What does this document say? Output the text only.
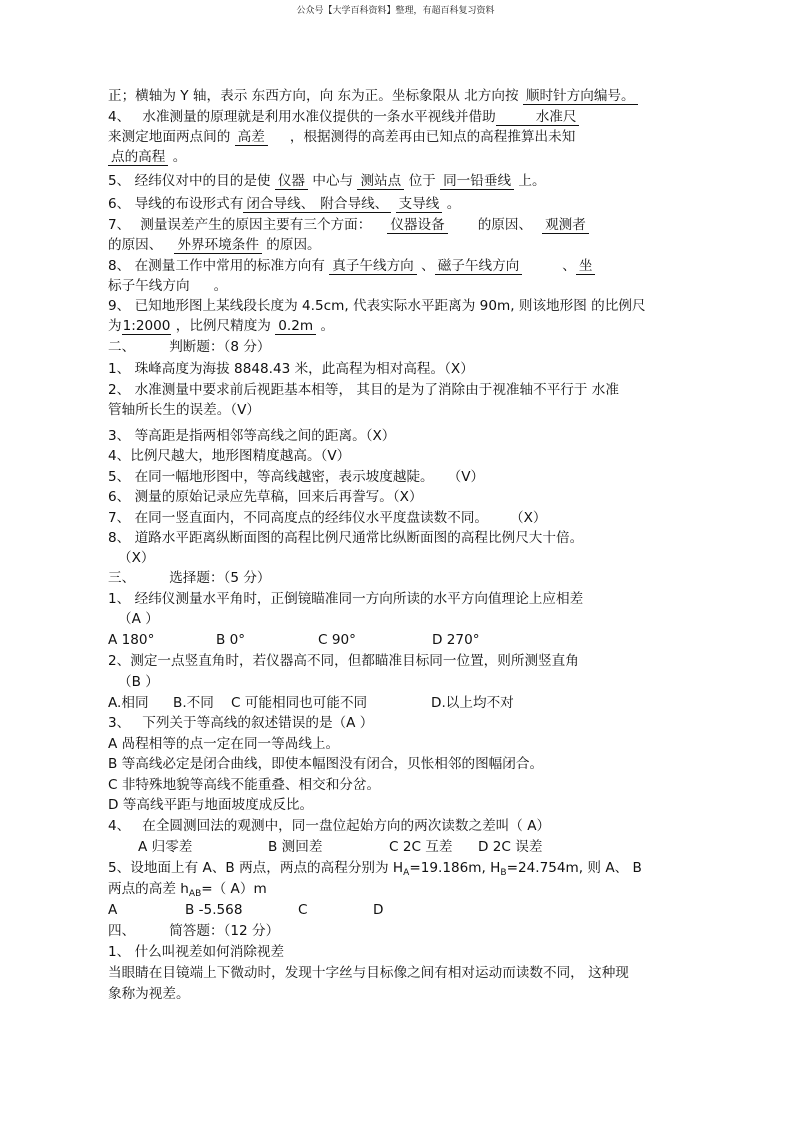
公众号【大学百科资料】整理，有超百科复习资料
正；横轴为 Y 轴，表示 东西方向，向 东为正。坐标象限从 北方向按 顺时针方向编号。
4、 水准测量的原理就是利用水准仪提供的一条水平视线并借助	水准尺
来测定地面两点间的 高差 ，根据测得的高差再由已知点的高程推算出未知
点的高程 。
5、 经纬仪对中的目的是使 仪器 中心与 测站点 位于 同一铅垂线 上。
6、 导线的布设形式有 闭合导线、 附合导线、 支导线 。
7、 测量误差产生的原因主要有三个方面： 仪器设备 的原因、 观测者
的原因、 外界环境条件 的原因。
8、 在测量工作中常用的标准方向有 真子午线方向 、 磁子午线方向	、 坐
标子午线方向 。
9、 已知地形图上某线段长度为 4.5cm, 代表实际水平距离为 90m, 则该地形图 的比例尺
为1:2000 ，比例尺精度为 0.2m 。
二、	判断题：（8 分）
1、 珠峰高度为海拔 8848.43 米，此高程为相对高程。（X）
2、 水准测量中要求前后视距基本相等， 其目的是为了消除由于视准轴不平行于 水准
管轴所长生的误差。（V）
3、 等高距是指两相邻等高线之间的距离。（X）
4、比例尺越大，地形图精度越高。（V）
5、 在同一幅地形图中，等高线越密，表示坡度越陡。 （V）
6、 测量的原始记录应先草稿，回来后再誊写。（X）
7、 在同一竖直面内，不同高度点的经纬仪水平度盘读数不同。 （X）
8、 道路水平距离纵断面图的高程比例尺通常比纵断面图的高程比例尺大十倍。
（X）
三、	选择题：（5 分）
1、 经纬仪测量水平角时，正倒镜瞄准同一方向所读的水平方向值理论上应相差
（A ）
A 180°	B 0°	C 90°	D 270°
2、测定一点竖直角时，若仪器高不同，但都瞄准目标同一位置，则所测竖直角
（B ）
A.相同 B.不同 C 可能相同也可能不同	D.以上均不对
3、 下列关于等高线的叙述错误的是（A ）
A 咼程相等的点一定在同一等咼线上。
B 等高线必定是闭合曲线，即使本幅图没有闭合，贝怅相邻的图幅闭合。
C 非特殊地貌等高线不能重叠、相交和分岔。
D 等高线平距与地面坡度成反比。
4、 在全圆测回法的观测中，同一盘位起始方向的两次读数之差叫（ A）
A 归零差	B 测回差	D 2C 误差
5、设地面上有 A、B 两点，两点的高程分别为 $H_A=19.186m$, $H_B=24.754m$, 则 A、 B
两点的高差 $h_{AB}=$（ A）m
A	B -5.568	C	D
四、	简答题：（12 分）
1、 什么叫视差如何消除视差
当眼睛在目镜端上下微动时，发现十字丝与目标像之间有相对运动而读数不同， 这种现
象称为视差。
C 2C 互差
